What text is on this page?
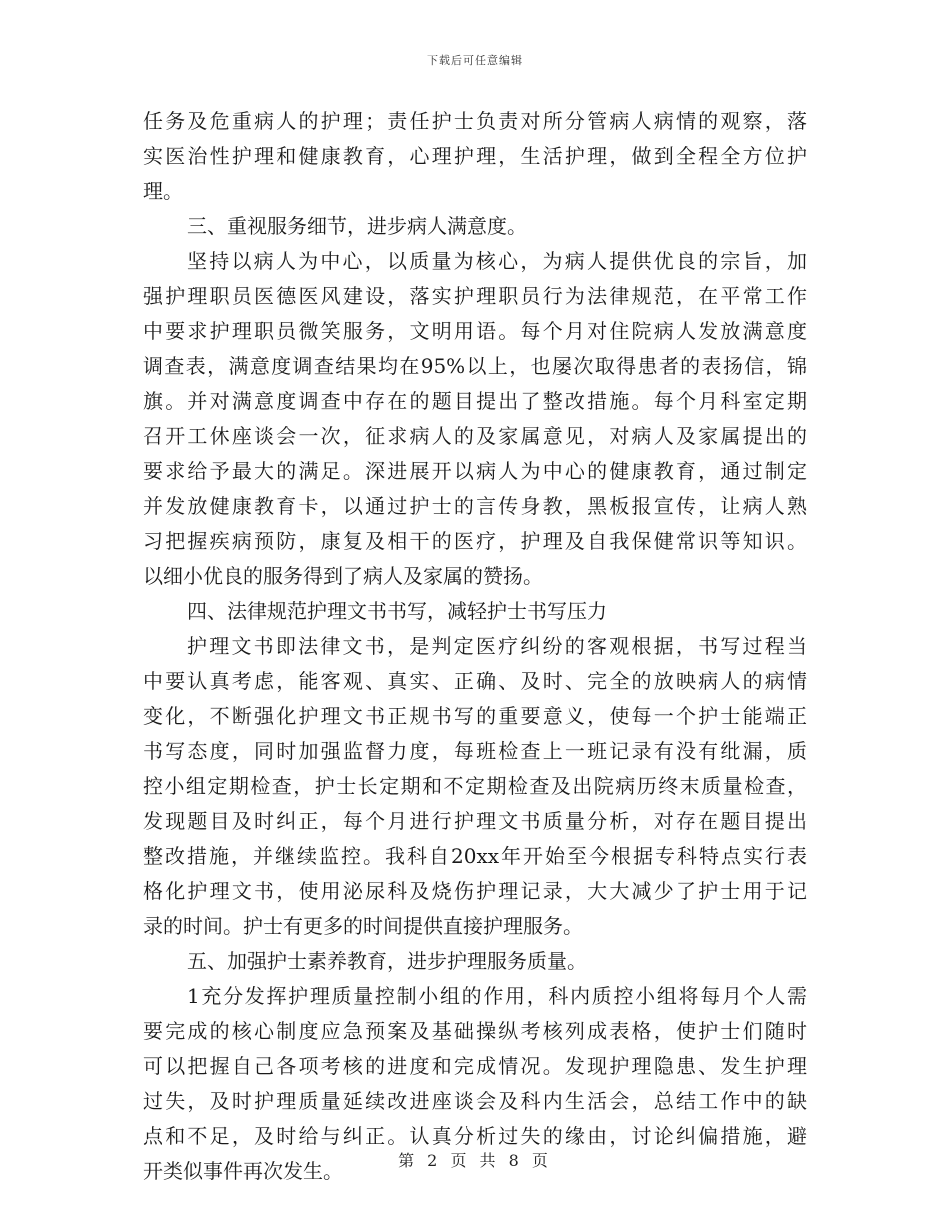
下载后可任意编辑
任务及危重病人的护理；责任护士负责对所分管病人病情的观察，落
实医治性护理和健康教育，心理护理，生活护理，做到全程全方位护
理。
三、重视服务细节，进步病人满意度。
坚持以病人为中心，以质量为核心，为病人提供优良的宗旨，加
强护理职员医德医风建设，落实护理职员行为法律规范，在平常工作
中要求护理职员微笑服务，文明用语。每个月对住院病人发放满意度
调查表，满意度调查结果均在95%以上，也屡次取得患者的表扬信，锦
旗。并对满意度调查中存在的题目提出了整改措施。每个月科室定期
召开工休座谈会一次，征求病人的及家属意见，对病人及家属提出的
要求给予最大的满足。深进展开以病人为中心的健康教育，通过制定
并发放健康教育卡，以通过护士的言传身教，黑板报宣传，让病人熟
习把握疾病预防，康复及相干的医疗，护理及自我保健常识等知识。
以细小优良的服务得到了病人及家属的赞扬。
四、法律规范护理文书书写，减轻护士书写压力
护理文书即法律文书，是判定医疗纠纷的客观根据，书写过程当
中要认真考虑，能客观、真实、正确、及时、完全的放映病人的病情
变化，不断强化护理文书正规书写的重要意义，使每一个护士能端正
书写态度，同时加强监督力度，每班检查上一班记录有没有纰漏，质
控小组定期检查，护士长定期和不定期检查及出院病历终末质量检查，
发现题目及时纠正，每个月进行护理文书质量分析，对存在题目提出
整改措施，并继续监控。我科自20xx年开始至今根据专科特点实行表
格化护理文书，使用泌尿科及烧伤护理记录，大大减少了护士用于记
录的时间。护士有更多的时间提供直接护理服务。
五、加强护士素养教育，进步护理服务质量。
1充分发挥护理质量控制小组的作用，科内质控小组将每月个人需
要完成的核心制度应急预案及基础操纵考核列成表格，使护士们随时
可以把握自己各项考核的进度和完成情况。发现护理隐患、发生护理
过失，及时护理质量延续改进座谈会及科内生活会，总结工作中的缺
点和不足，及时给与纠正。认真分析过失的缘由，讨论纠偏措施，避
开类似事件再次发生。	第 2 页 共 8 页
